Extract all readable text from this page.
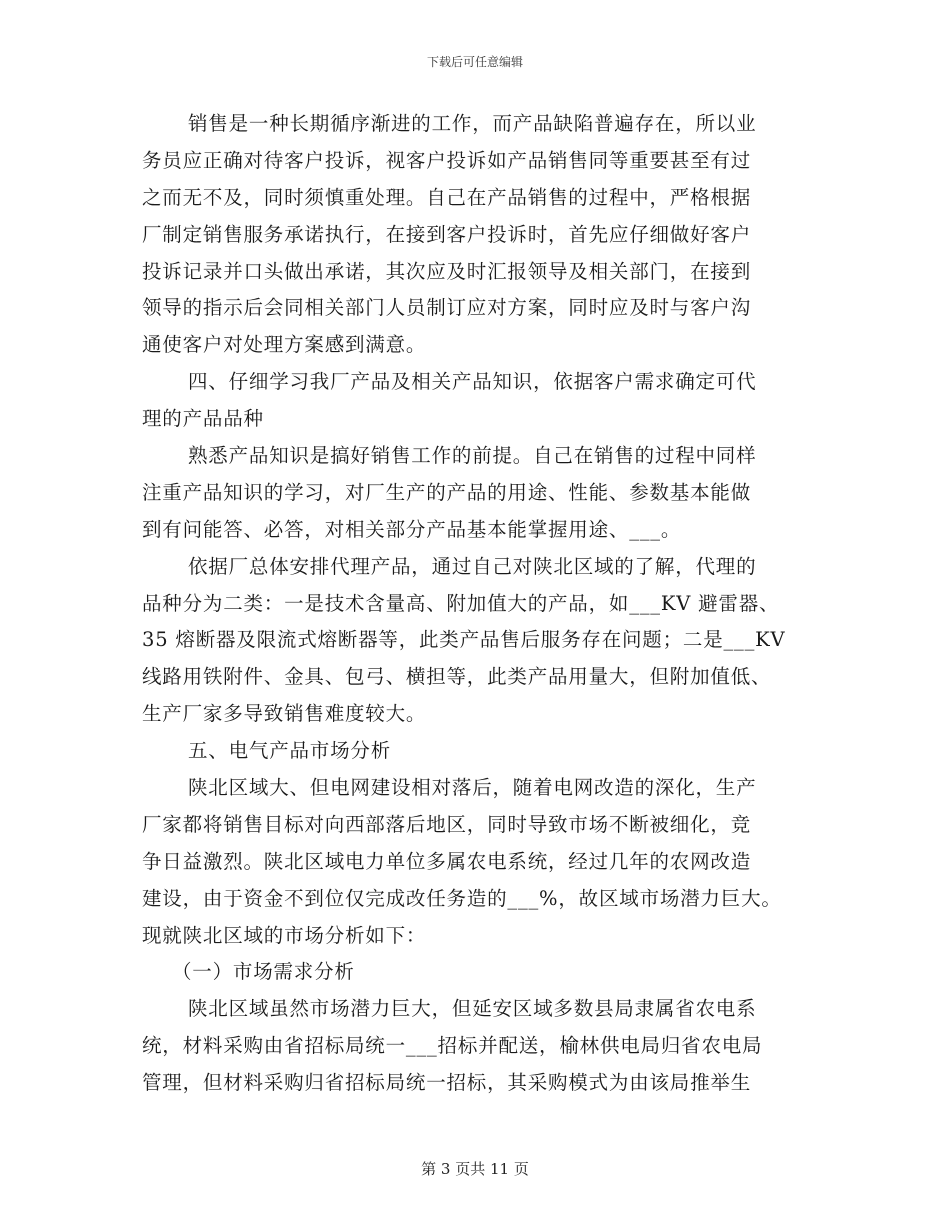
下载后可任意编辑
销售是一种长期循序渐进的工作，而产品缺陷普遍存在，所以业
务员应正确对待客户投诉，视客户投诉如产品销售同等重要甚至有过
之而无不及，同时须慎重处理。自己在产品销售的过程中，严格根据
厂制定销售服务承诺执行，在接到客户投诉时，首先应仔细做好客户
投诉记录并口头做出承诺，其次应及时汇报领导及相关部门，在接到
领导的指示后会同相关部门人员制订应对方案，同时应及时与客户沟
通使客户对处理方案感到满意。
四、仔细学习我厂产品及相关产品知识，依据客户需求确定可代
理的产品品种
熟悉产品知识是搞好销售工作的前提。自己在销售的过程中同样
注重产品知识的学习，对厂生产的产品的用途、性能、参数基本能做
到有问能答、必答，对相关部分产品基本能掌握用途、___。
依据厂总体安排代理产品，通过自己对陕北区域的了解，代理的
品种分为二类：一是技术含量高、附加值大的产品，如___KV 避雷器、
35 熔断器及限流式熔断器等，此类产品售后服务存在问题；二是___KV
线路用铁附件、金具、包弓、横担等，此类产品用量大，但附加值低、
生产厂家多导致销售难度较大。
五、电气产品市场分析
陕北区域大、但电网建设相对落后，随着电网改造的深化，生产
厂家都将销售目标对向西部落后地区，同时导致市场不断被细化，竞
争日益激烈。陕北区域电力单位多属农电系统，经过几年的农网改造
建设，由于资金不到位仅完成改任务造的___%，故区域市场潜力巨大。
现就陕北区域的市场分析如下：
（一）市场需求分析
陕北区域虽然市场潜力巨大，但延安区域多数县局隶属省农电系
统，材料采购由省招标局统一___招标并配送，榆林供电局归省农电局
管理，但材料采购归省招标局统一招标，其采购模式为由该局推举生
第 3 页共 11 页
